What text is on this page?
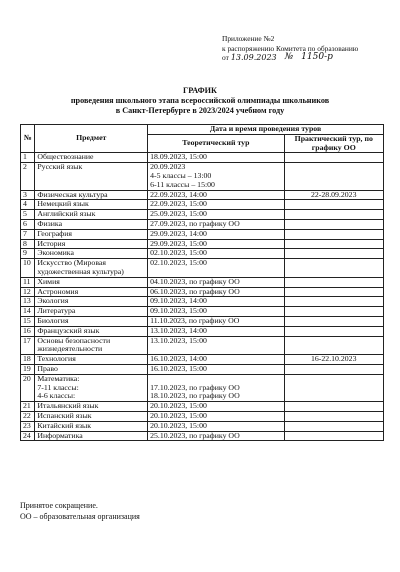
Приложение №2
к распоряжению Комитета по образованию
от 13.09.2023 № 1150-р
ГРАФИК
проведения школьного этапа всероссийской олимпиады школьников
в Санкт-Петербурге в 2023/2024 учебном году
№	Предмет	Дата и время проведения туров	
		Теоретический тур	Практический тур, по графику ОО
1	Обществознание	18.09.2023, 15:00	
2	Русский язык	20.09.2023
4-5 классы – 13:00
6-11 классы – 15:00	
3	Физическая культура	22.09.2023, 14:00	22-28.09.2023
4	Немецкий язык	22.09.2023, 15:00	
5	Английский язык	25.09.2023, 15:00	
6	Физика	27.09.2023, по графику ОО	
7	География	29.09.2023, 14:00	
8	История	29.09.2023, 15:00	
9	Экономика	02.10.2023, 15:00	
10	Искусство (Мировая художественная культура)	02.10.2023, 15:00	
11	Химия	04.10.2023, по графику ОО	
12	Астрономия	06.10.2023, по графику ОО	
13	Экология	09.10.2023, 14:00	
14	Литература	09.10.2023, 15:00	
15	Биология	11.10.2023, по графику ОО	
16	Французский язык	13.10.2023, 14:00	
17	Основы безопасности жизнедеятельности	13.10.2023, 15:00	
18	Технология	16.10.2023, 14:00	16-22.10.2023
19	Право	16.10.2023, 15:00	
20	Математика:
7-11 классы:
4-6 классы:	17.10.2023, по графику ОО
18.10.2023, по графику ОО	
21	Итальянский язык	20.10.2023, 15:00	
22	Испанский язык	20.10.2023, 15:00	
23	Китайский язык	20.10.2023, 15:00	
24	Информатика	25.10.2023, по графику ОО	
Принятое сокращение.
ОО – образовательная организация
